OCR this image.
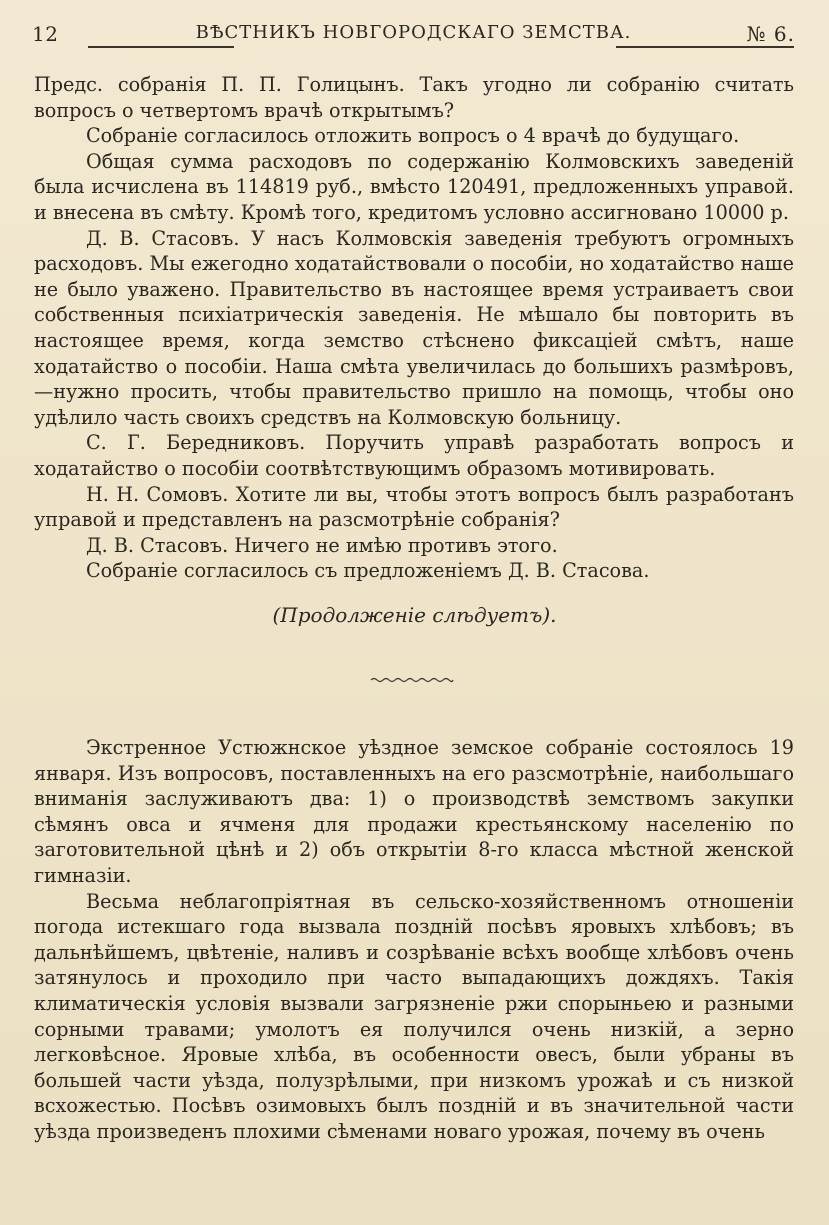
12	ВѢСТНИКЪ НОВГОРОДСКАГО ЗЕМСТВА.	№ 6.

Предс. собранія П. П. Голицынъ. Такъ угодно ли собранію считать вопросъ о четвертомъ врачѣ открытымъ?

Собраніе согласилось отложить вопросъ о 4 врачѣ до будущаго.

Общая сумма расходовъ по содержанію Колмовскихъ заведеній была исчислена въ 114819 руб., вмѣсто 120491, предложенныхъ управой. и внесена въ смѣту. Кромѣ того, кредитомъ условно ассигновано 10000 р.

Д. В. Стасовъ. У насъ Колмовскія заведенія требуютъ огромныхъ расходовъ. Мы ежегодно ходатайствовали о пособіи, но ходатайство наше не было уважено. Правительство въ настоящее время устраиваетъ свои собственныя психіатрическія заведенія. Не мѣшало бы повторить въ настоящее время, когда земство стѣснено фиксаціей смѣтъ, наше ходатайство о пособіи. Наша смѣта увеличилась до большихъ размѣровъ,—нужно просить, чтобы правительство пришло на помощь, чтобы оно удѣлило часть своихъ средствъ на Колмовскую больницу.

С. Г. Бередниковъ. Поручить управѣ разработать вопросъ и ходатайство о пособіи соотвѣтствующимъ образомъ мотивировать.

Н. Н. Сомовъ. Хотите ли вы, чтобы этотъ вопросъ былъ разработанъ управой и представленъ на разсмотрѣніе собранія?

Д. В. Стасовъ. Ничего не имѣю противъ этого.

Собраніе согласилось съ предложеніемъ Д. В. Стасова.

(Продолженіе слѣдуетъ).

Экстренное Устюжнское уѣздное земское собраніе состоялось 19 января. Изъ вопросовъ, поставленныхъ на его разсмотрѣніе, наибольшаго вниманія заслуживаютъ два: 1) о производствѣ земствомъ закупки сѣмянъ овса и ячменя для продажи крестьянскому населенію по заготовительной цѣнѣ и 2) объ открытіи 8-го класса мѣстной женской гимназіи.

Весьма неблагопріятная въ сельско-хозяйственномъ отношеніи погода истекшаго года вызвала поздній посѣвъ яровыхъ хлѣбовъ; въ дальнѣйшемъ, цвѣтеніе, наливъ и созрѣваніе всѣхъ вообще хлѣбовъ очень затянулось и проходило при часто выпадающихъ дождяхъ. Такія климатическія условія вызвали загрязненіе ржи спорыньею и разными сорными травами; умолотъ ея получился очень низкій, а зерно легковѣсное. Яровые хлѣба, въ особенности овесъ, были убраны въ большей части уѣзда, полузрѣлыми, при низкомъ урожаѣ и съ низкой всхожестью. Посѣвъ озимовыхъ былъ поздній и въ значительной части уѣзда произведенъ плохими сѣменами новаго урожая, почему въ очень
